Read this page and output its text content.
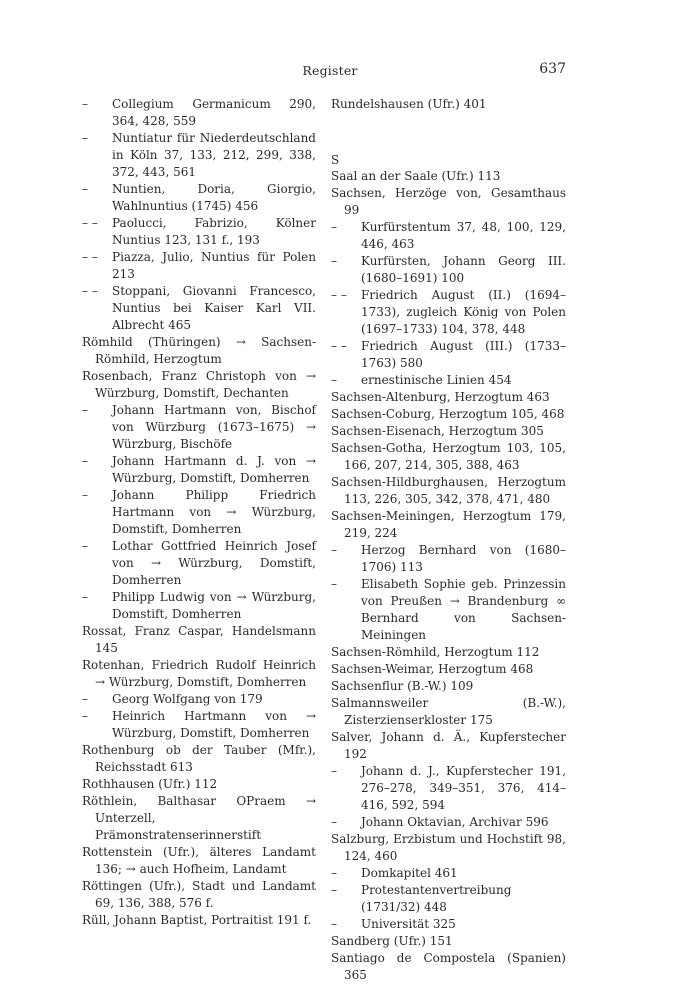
Register	637

– Collegium Germanicum 290, 364, 428, 559

– Nuntiatur für Niederdeutschland in Köln 37, 133, 212, 299, 338, 372, 443, 561

– Nuntien, Doria, Giorgio, Wahlnuntius (1745) 456

– – Paolucci, Fabrizio, Kölner Nuntius 123, 131 f., 193

– – Piazza, Julio, Nuntius für Polen 213

– – Stoppani, Giovanni Francesco, Nuntius bei Kaiser Karl VII. Albrecht 465

Römhild (Thüringen) → Sachsen-Römhild, Herzogtum

Rosenbach, Franz Christoph von → Würzburg, Domstift, Dechanten

– Johann Hartmann von, Bischof von Würzburg (1673–1675) → Würzburg, Bischöfe

– Johann Hartmann d. J. von → Würzburg, Domstift, Domherren

– Johann Philipp Friedrich Hartmann von → Würzburg, Domstift, Domherren

– Lothar Gottfried Heinrich Josef von → Würzburg, Domstift, Domherren

– Philipp Ludwig von → Würzburg, Domstift, Domherren

Rossat, Franz Caspar, Handelsmann 145

Rotenhan, Friedrich Rudolf Heinrich → Würzburg, Domstift, Domherren

– Georg Wolfgang von 179

– Heinrich Hartmann von → Würzburg, Domstift, Domherren

Rothenburg ob der Tauber (Mfr.), Reichsstadt 613

Rothhausen (Ufr.) 112

Röthlein, Balthasar OPraem → Unterzell, Prämonstratenserinnerstift

Rottenstein (Ufr.), älteres Landamt 136; → auch Hofheim, Landamt

Röttingen (Ufr.), Stadt und Landamt 69, 136, 388, 576 f.

Rüll, Johann Baptist, Portraitist 191 f.

Rundelshausen (Ufr.) 401

S

Saal an der Saale (Ufr.) 113

Sachsen, Herzöge von, Gesamthaus 99

– Kurfürstentum 37, 48, 100, 129, 446, 463

– Kurfürsten, Johann Georg III. (1680–1691) 100

– – Friedrich August (II.) (1694–1733), zugleich König von Polen (1697–1733) 104, 378, 448

– – Friedrich August (III.) (1733–1763) 580

– ernestinische Linien 454

Sachsen-Altenburg, Herzogtum 463

Sachsen-Coburg, Herzogtum 105, 468

Sachsen-Eisenach, Herzogtum 305

Sachsen-Gotha, Herzogtum 103, 105, 166, 207, 214, 305, 388, 463

Sachsen-Hildburghausen, Herzogtum 113, 226, 305, 342, 378, 471, 480

Sachsen-Meiningen, Herzogtum 179, 219, 224

– Herzog Bernhard von (1680–1706) 113

– Elisabeth Sophie geb. Prinzessin von Preußen → Brandenburg ∞ Bernhard von Sachsen-Meiningen

Sachsen-Römhild, Herzogtum 112

Sachsen-Weimar, Herzogtum 468

Sachsenflur (B.-W.) 109

Salmannsweiler (B.-W.), Zisterzienserkloster 175

Salver, Johann d. Ä., Kupferstecher 192

– Johann d. J., Kupferstecher 191, 276–278, 349–351, 376, 414–416, 592, 594

– Johann Oktavian, Archivar 596

Salzburg, Erzbistum und Hochstift 98, 124, 460

– Domkapitel 461

– Protestantenvertreibung (1731/32) 448

– Universität 325

Sandberg (Ufr.) 151

Santiago de Compostela (Spanien) 365
